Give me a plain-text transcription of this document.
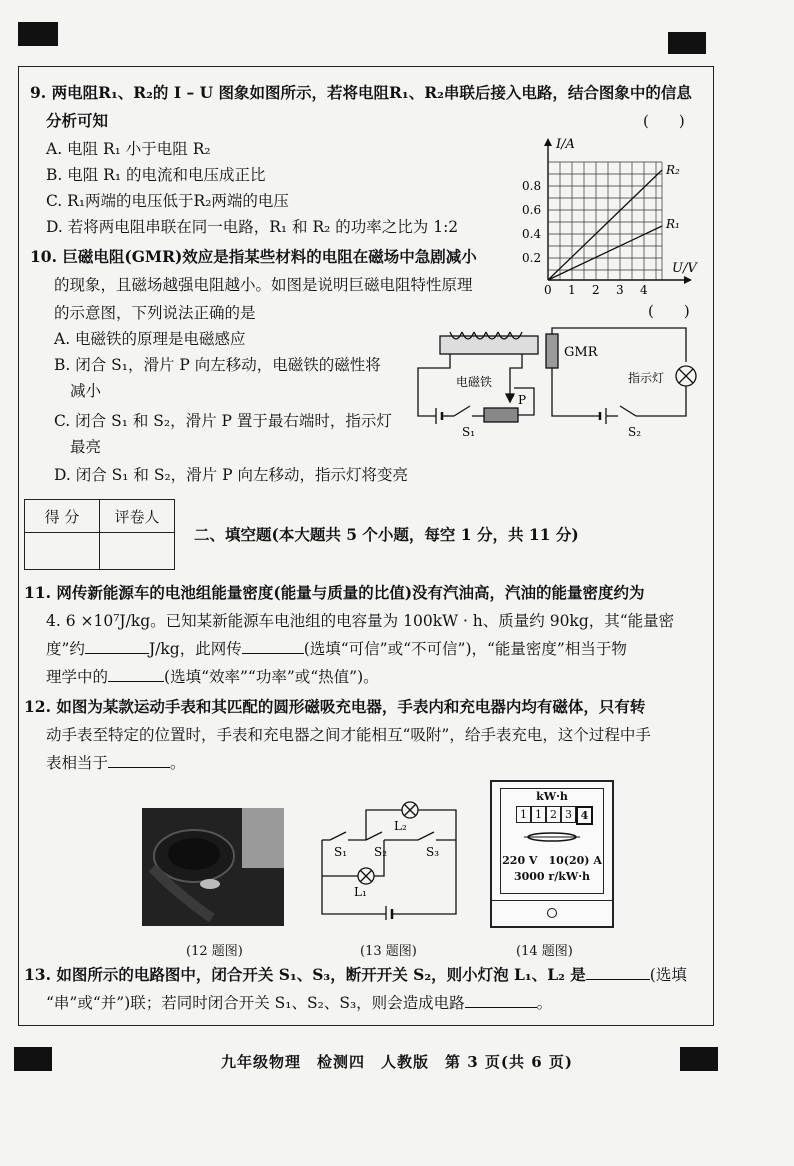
9. 两电阻R₁、R₂的 I – U 图象如图所示，若将电阻R₁、R₂串联后接入电路，结合图象中的信息
分析可知	(　　)
A. 电阻 R₁ 小于电阻 R₂
B. 电阻 R₁ 的电流和电压成正比
C. R₁两端的电压低于R₂两端的电压
D. 若将两电阻串联在同一电路，R₁ 和 R₂ 的功率之比为 1:2
I/A
U/V
R₂
R₁
0.8
0.6
0.4
0.2
0 1 2 3 4
10. 巨磁电阻(GMR)效应是指某些材料的电阻在磁场中急剧减小
的现象，且磁场越强电阻越小。如图是说明巨磁电阻特性原理
的示意图，下列说法正确的是	(　　)
A. 电磁铁的原理是电磁感应
B. 闭合 S₁，滑片 P 向左移动，电磁铁的磁性将
减小
C. 闭合 S₁ 和 S₂，滑片 P 置于最右端时，指示灯
最亮
D. 闭合 S₁ 和 S₂，滑片 P 向左移动，指示灯将变亮
电磁铁
GMR
指示灯
P
S₁	S₂
得 分	评卷人

二、填空题(本大题共 5 个小题，每空 1 分，共 11 分)
11. 网传新能源车的电池组能量密度(能量与质量的比值)没有汽油高，汽油的能量密度约为
4. 6 ×10⁷J/kg。已知某新能源车电池组的电容量为 100kW · h、质量约 90kg，其“能量密
度”约	J/kg，此网传	(选填“可信”或“不可信”)，“能量密度”相当于物
理学中的	(选填“效率”“功率”或“热值”)。
12. 如图为某款运动手表和其匹配的圆形磁吸充电器，手表内和充电器内均有磁体，只有转
动手表至特定的位置时，手表和充电器之间才能相互“吸附”，给手表充电，这个过程中手
表相当于	。
L₂
S₁ S₂	S₃
L₁
kW·h
1 1 2 3 4
220 V　10(20) A
3000 r/kW·h
(12 题图)	(13 题图)	(14 题图)
13. 如图所示的电路图中，闭合开关 S₁、S₃，断开开关 S₂，则小灯泡 L₁、L₂ 是	(选填
“串”或“并”)联；若同时闭合开关 S₁、S₂、S₃，则会造成电路	。
九年级物理　检测四　人教版　第 3 页(共 6 页)
